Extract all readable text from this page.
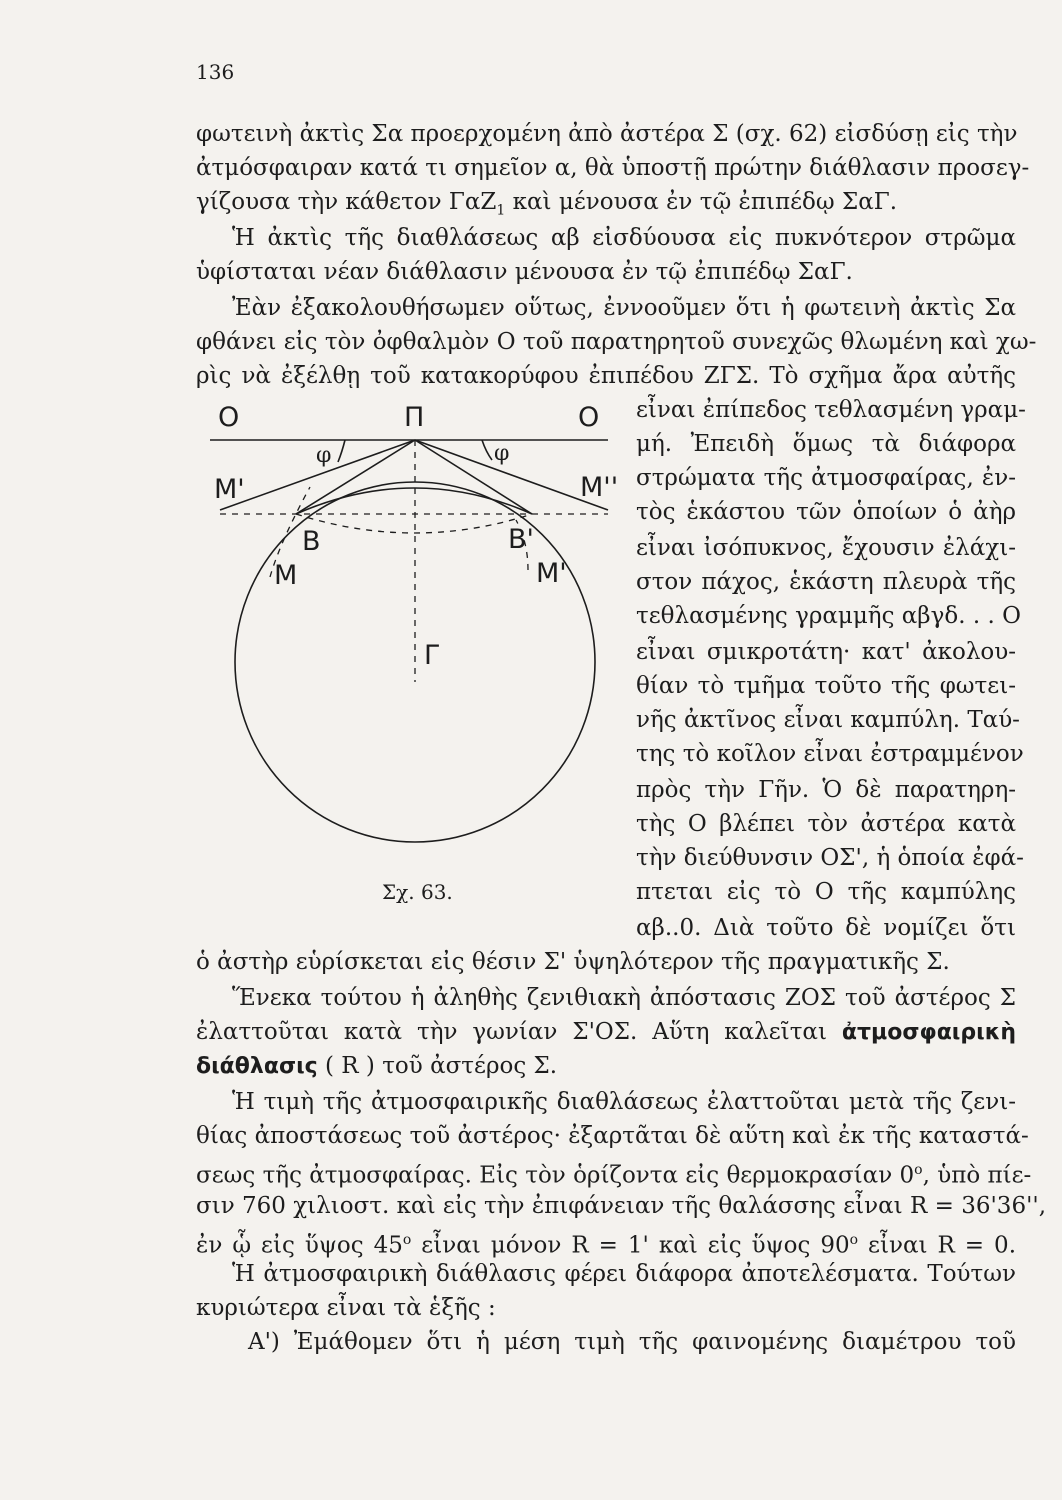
136
φωτεινὴ ἀκτὶς Σα προερχομένη ἀπὸ ἀστέρα Σ (σχ. 62) εἰσδύσῃ εἰς τὴν
ἀτμόσφαιραν κατά τι σημεῖον α, θὰ ὑποστῇ πρώτην διάθλασιν προσεγ-
γίζουσα τὴν κάθετον ΓαZ$_1$ καὶ μένουσα ἐν τῷ ἐπιπέδῳ ΣαΓ.
Ἡ ἀκτὶς τῆς διαθλάσεως αβ εἰσδύουσα εἰς πυκνότερον στρῶμα
ὑφίσταται νέαν διάθλασιν μένουσα ἐν τῷ ἐπιπέδῳ ΣαΓ.
Ἐὰν ἐξακολουθήσωμεν οὕτως, ἐννοοῦμεν ὅτι ἡ φωτεινὴ ἀκτὶς Σα
φθάνει εἰς τὸν ὀφθαλμὸν Ο τοῦ παρατηρητοῦ συνεχῶς θλωμένη καὶ χω-
ρὶς νὰ ἐξέλθῃ τοῦ κατακορύφου ἐπιπέδου ΖΓΣ. Τὸ σχῆμα ἄρα αὐτῆς
εἶναι ἐπίπεδος τεθλασμένη γραμ-
μή. Ἐπειδὴ ὅμως τὰ διάφορα
στρώματα τῆς ἀτμοσφαίρας, ἐν-
τὸς ἑκάστου τῶν ὁποίων ὁ ἀὴρ
εἶναι ἰσόπυκνος, ἔχουσιν ἐλάχι-
στον πάχος, ἑκάστη πλευρὰ τῆς
τεθλασμένης γραμμῆς αβγδ. . . Ο
εἶναι σμικροτάτη· κατ' ἀκολου-
θίαν τὸ τμῆμα τοῦτο τῆς φωτει-
νῆς ἀκτῖνος εἶναι καμπύλη. Ταύ-
της τὸ κοῖλον εἶναι ἐστραμμένον
πρὸς τὴν Γῆν. Ὁ δὲ παρατηρη-
τὴς Ο βλέπει τὸν ἀστέρα κατὰ
τὴν διεύθυνσιν ΟΣ', ἡ ὁποία ἐφά-
πτεται εἰς τὸ Ο τῆς καμπύλης
αβ..0. Διὰ τοῦτο δὲ νομίζει ὅτι
ὁ ἀστὴρ εὑρίσκεται εἰς θέσιν Σ' ὑψηλότερον τῆς πραγματικῆς Σ.
Ἕνεκα τούτου ἡ ἀληθὴς ζενιθιακὴ ἀπόστασις ΖΟΣ τοῦ ἀστέρος Σ
ἐλαττοῦται κατὰ τὴν γωνίαν Σ'ΟΣ. Αὕτη καλεῖται ἀτμοσφαιρικὴ
διάθλασις ( R ) τοῦ ἀστέρος Σ.
Ἡ τιμὴ τῆς ἀτμοσφαιρικῆς διαθλάσεως ἐλαττοῦται μετὰ τῆς ζενι-
θίας ἀποστάσεως τοῦ ἀστέρος· ἐξαρτᾶται δὲ αὕτη καὶ ἐκ τῆς καταστά-
σεως τῆς ἀτμοσφαίρας. Εἰς τὸν ὁρίζοντα εἰς θερμοκρασίαν 0$^o$, ὑπὸ πίε-
σιν 760 χιλιοστ. καὶ εἰς τὴν ἐπιφάνειαν τῆς θαλάσσης εἶναι R = 36'36'',
ἐν ᾧ εἰς ὕψος 45$^o$ εἶναι μόνον R = 1' καὶ εἰς ὕψος 90$^o$ εἶναι R = 0.
Ἡ ἀτμοσφαιρικὴ διάθλασις φέρει διάφορα ἀποτελέσματα. Τούτων
κυριώτερα εἶναι τὰ ἑξῆς :
Α') Ἐμάθομεν ὅτι ἡ μέση τιμὴ τῆς φαινομένης διαμέτρου τοῦ
Ο	Π	Ο
φ	φ
Μ'	Μ''
Β	Β'
Μ	Μ'
Γ
Σχ. 63.
